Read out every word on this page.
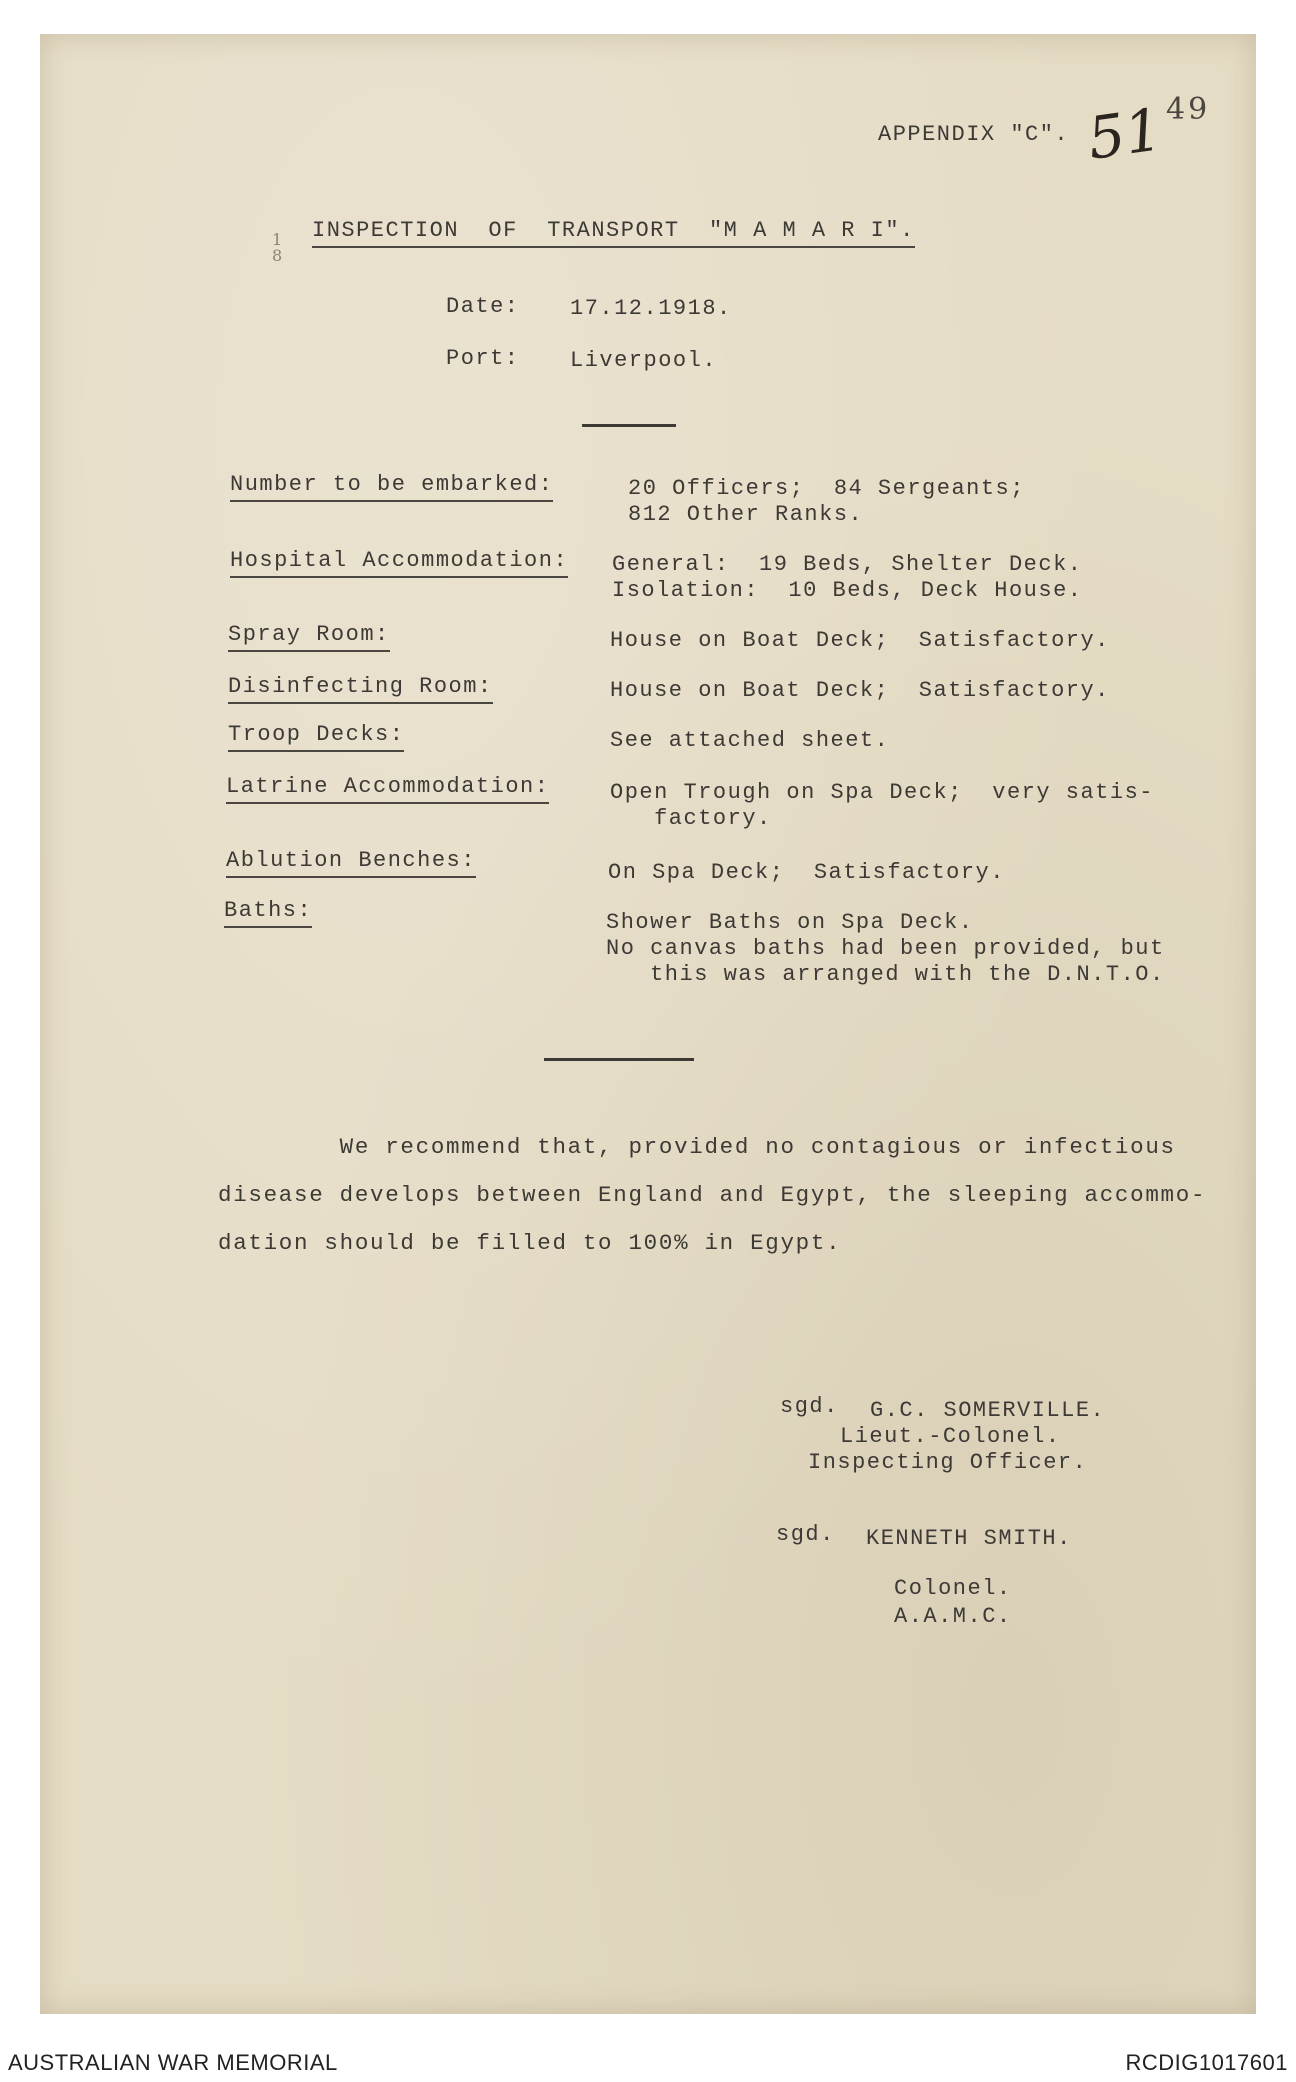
APPENDIX "C". 51 49
18
INSPECTION  OF  TRANSPORT  "M A M A R I".
Date: 17.12.1918.
Port: Liverpool.
Number to be embarked:	20 Officers;  84 Sergeants;
812 Other Ranks.
Hospital Accommodation: General:  19 Beds, Shelter Deck.
Isolation:  10 Beds, Deck House.
Spray Room:	House on Boat Deck;  Satisfactory.
Disinfecting Room:	House on Boat Deck;  Satisfactory.
Troop Decks:	See attached sheet.
Latrine Accommodation:	Open Trough on Spa Deck;  very satis-
factory.
Ablution Benches:	On Spa Deck;  Satisfactory.
Baths:	Shower Baths on Spa Deck.
No canvas baths had been provided, but
this was arranged with the D.N.T.O.
We recommend that, provided no contagious or infectious
disease develops between England and Egypt, the sleeping accommo-
dation should be filled to 100% in Egypt.
sgd. G.C. SOMERVILLE.
Lieut.-Colonel.
Inspecting Officer.
sgd. KENNETH SMITH.
Colonel.
A.A.M.C.
AUSTRALIAN WAR MEMORIAL	RCDIG1017601
